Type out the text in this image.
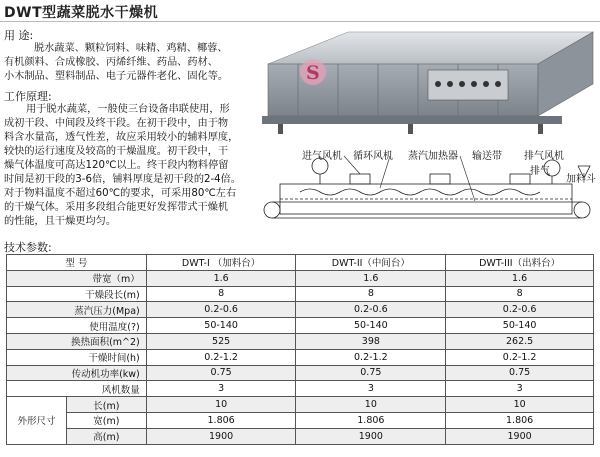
DWT型蔬菜脱水干燥机
用 途:
脱水蔬菜、颗粒饲料、味精、鸡精、椰蓉、
有机颜料、合成橡胶、丙烯纤维、药品、药材、
小木制品、塑料制品、电子元器件老化、固化等。
工作原理:
用于脱水蔬菜，一般使三台设备串联使用，形
成初干段、中间段及终干段。在初干段中，由于物
料含水量高，透气性差，故应采用较小的辅料厚度，
较快的运行速度及较高的干燥温度。初干段中，干
燥气体温度可高达120℃以上。终干段内物料停留
时间是初干段的3-6倍，铺料厚度是初干段的2-4倍。
对于物料温度不超过60℃的要求，可采用80℃左右
的干燥气体。采用多段组合能更好发挥带式干燥机
的性能，且干燥更均匀。
S
进气风机 循环风机 蒸汽加热器 输送带 排气风机
排气
加料斗
技术参数:
型 号		DWT-I （加料台）	DWT-II（中间台）	DWT-III（出料台）
带宽（m）		1.6	1.6	1.6
干燥段长(m)		8	8	8
蒸汽压力(Mpa)		0.2-0.6	0.2-0.6	0.2-0.6
使用温度(?)		50-140	50-140	50-140
换热面积(m^2)		525	398	262.5
干燥时间(h)		0.2-1.2	0.2-1.2	0.2-1.2
传动机功率(kw)		0.75	0.75	0.75
风机数量		3	3	3
外形尺寸	长(m)	10	10	10
	宽(m)	1.806	1.806	1.806
	高(m)	1900	1900	1900
